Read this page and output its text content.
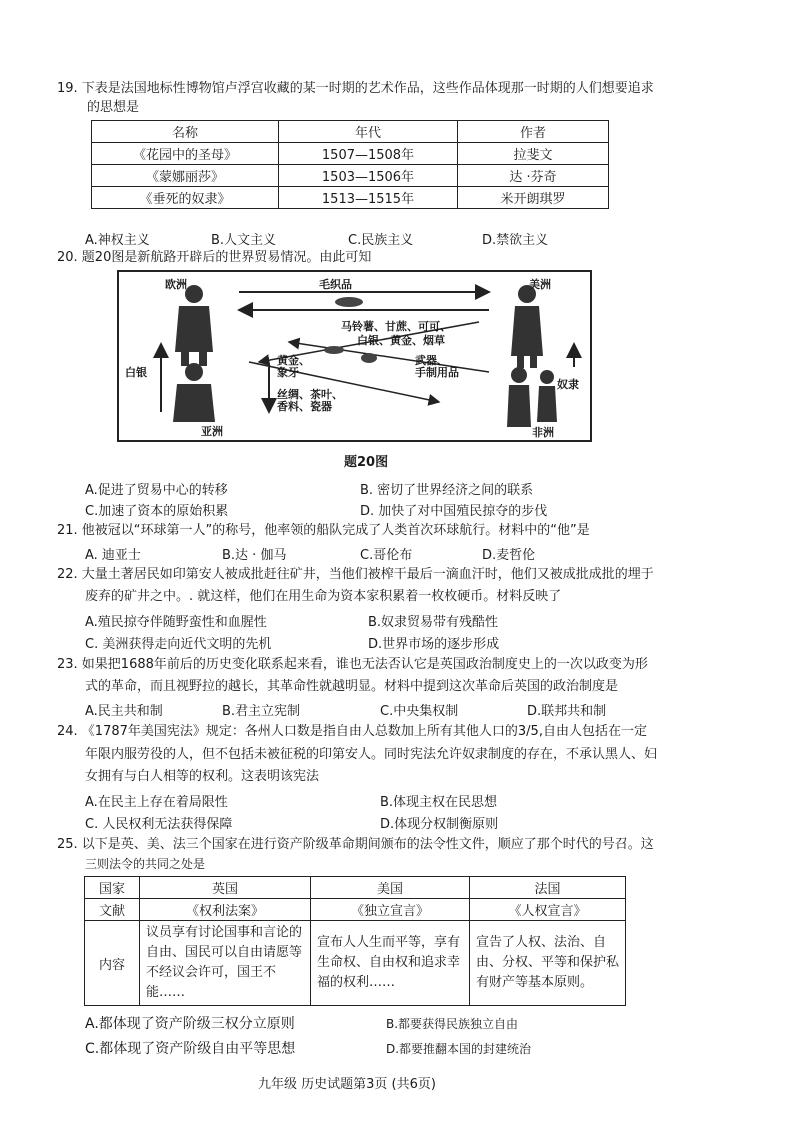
19. 下表是法国地标性博物馆卢浮宫收藏的某一时期的艺术作品，这些作品体现那一时期的人们想要追求
的思想是
名称	年代	作者
《花园中的圣母》	1507—1508年	拉斐文
《蒙娜丽莎》	1503—1506年	达 ·芬奇
《垂死的奴隶》	1513—1515年	米开朗琪罗
A.神权主义	B.人文主义	C.民族主义	D.禁欲主义
20. 题20图是新航路开辟后的世界贸易情况。由此可知
欧洲	美洲
亚洲	非洲
毛织品
马铃薯、甘蔗、可可、
白银、黄金、烟草
黄金、
象牙
武器、
手制用品
丝绸、茶叶、
香料、瓷器
白银
奴隶
题20图
A.促进了贸易中心的转移	B. 密切了世界经济之间的联系
C.加速了资本的原始积累	D. 加快了对中国殖民掠夺的步伐
21. 他被冠以“环球第一人”的称号，他率领的船队完成了人类首次环球航行。材料中的“他”是
A. 迪亚士	B.达 · 伽马	C.哥伦布	D.麦哲伦
22. 大量土著居民如印第安人被成批赶往矿井，当他们被榨干最后一滴血汗时，他们又被成批成批的埋于
废弃的矿井之中。. 就这样，他们在用生命为资本家积累着一枚枚硬币。材料反映了
A.殖民掠夺伴随野蛮性和血腥性	B.奴隶贸易带有残酷性
C. 美洲获得走向近代文明的先机	D.世界市场的逐步形成
23. 如果把1688年前后的历史变化联系起来看，谁也无法否认它是英国政治制度史上的一次以政变为形
式的革命，而且视野拉的越长，其革命性就越明显。材料中提到这次革命后英国的政治制度是
A.民主共和制	B.君主立宪制	C.中央集权制	D.联邦共和制
24. 《1787年美国宪法》规定：各州人口数是指自由人总数加上所有其他人口的3/5,自由人包括在一定
年限内服劳役的人，但不包括未被征税的印第安人。同时宪法允许奴隶制度的存在，不承认黑人、妇
女拥有与白人相等的权利。这表明该宪法
A.在民主上存在着局限性	B.体现主权在民思想
C. 人民权利无法获得保障	D.体现分权制衡原则
25. 以下是英、美、法三个国家在进行资产阶级革命期间颁布的法令性文件，顺应了那个时代的号召。这
三则法令的共同之处是
国家	英国	美国	法国
文献	《权利法案》	《独立宣言》	《人权宣言》
内容	议员享有讨论国事和言论的自由、国民可以自由请愿等不经议会许可，国王不能……	宣布人人生而平等，享有生命权、自由权和追求幸福的权利……	宣告了人权、法治、自由、分权、平等和保护私有财产等基本原则。
A.都体现了资产阶级三权分立原则	B.都要获得民族独立自由
C.都体现了资产阶级自由平等思想	D.都要推翻本国的封建统治
九年级 历史试题第3页 (共6页)
